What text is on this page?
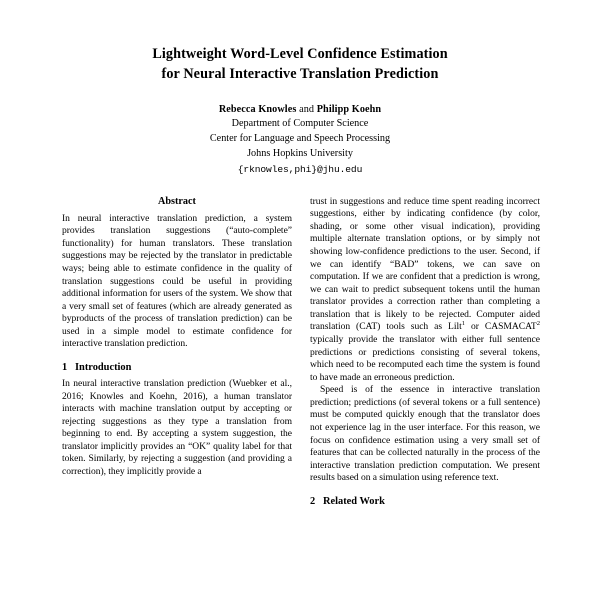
Lightweight Word-Level Confidence Estimation
for Neural Interactive Translation Prediction
Rebecca Knowles and Philipp Koehn
Department of Computer Science
Center for Language and Speech Processing
Johns Hopkins University
{rknowles,phi}@jhu.edu
Abstract

In neural interactive translation prediction, a system provides translation suggestions (“auto-complete” functionality) for human translators. These translation suggestions may be rejected by the translator in predictable ways; being able to estimate confidence in the quality of translation suggestions could be useful in providing additional information for users of the system. We show that a very small set of features (which are already generated as byproducts of the process of translation prediction) can be used in a simple model to estimate confidence for interactive translation prediction.

1 Introduction

In neural interactive translation prediction (Wuebker et al., 2016; Knowles and Koehn, 2016), a human translator interacts with machine translation output by accepting or rejecting suggestions as they type a translation from beginning to end. By accepting a system suggestion, the translator implicitly provides an “OK” quality label for that token. Similarly, by rejecting a suggestion (and providing a correction), they implicitly provide a

trust in suggestions and reduce time spent reading incorrect suggestions, either by indicating confidence (by color, shading, or some other visual indication), providing multiple alternate translation options, or by simply not showing low-confidence predictions to the user. Second, if we can identify “BAD” tokens, we can save on computation. If we are confident that a prediction is wrong, we can wait to predict subsequent tokens until the human translator provides a correction rather than completing a translation that is likely to be rejected. Computer aided translation (CAT) tools such as Lilt$^1$ or CASMACAT$^2$ typically provide the translator with either full sentence predictions or predictions consisting of several tokens, which need to be recomputed each time the system is found to have made an erroneous prediction.

Speed is of the essence in interactive translation prediction; predictions (of several tokens or a full sentence) must be computed quickly enough that the translator does not experience lag in the user interface. For this reason, we focus on confidence estimation using a very small set of features that can be collected naturally in the process of the interactive translation prediction computation. We present results based on a simulation using reference text.

2 Related Work
